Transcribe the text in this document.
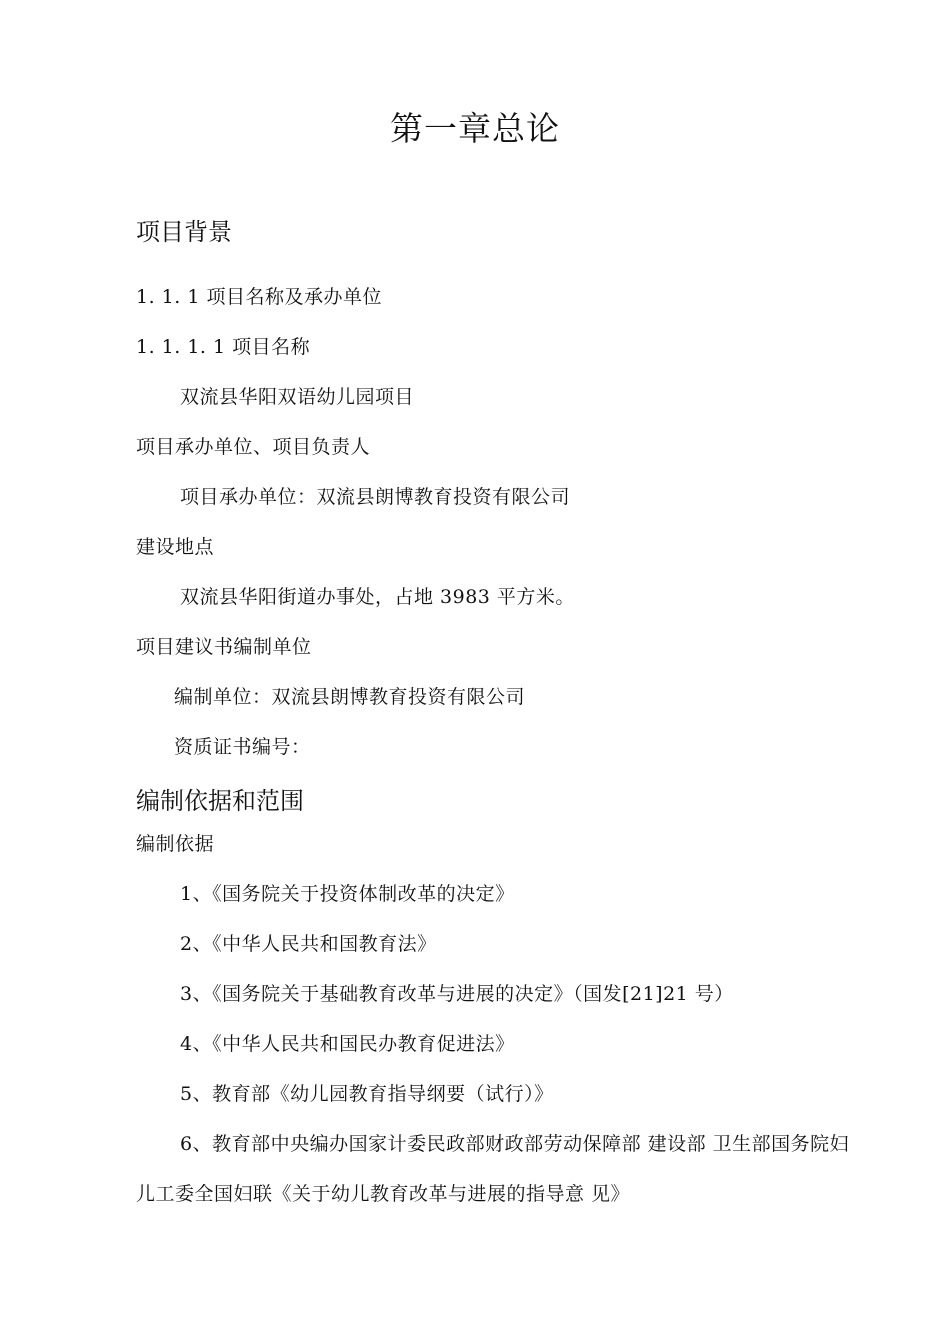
第一章总论
项目背景
1. 1. 1 项目名称及承办单位
1. 1. 1. 1 项目名称
双流县华阳双语幼儿园项目
项目承办单位、项目负责人
项目承办单位：双流县朗博教育投资有限公司
建设地点
双流县华阳街道办事处，占地 3983 平方米。
项目建议书编制单位
编制单位：双流县朗博教育投资有限公司
资质证书编号：
编制依据和范围
编制依据
1、《国务院关于投资体制改革的决定》
2、《中华人民共和国教育法》
3、《国务院关于基础教育改革与进展的决定》（国发[21]21 号）
4、《中华人民共和国民办教育促进法》
5、教育部《幼儿园教育指导纲要（试行）》
6、教育部中央编办国家计委民政部财政部劳动保障部 建设部 卫生部国务院妇
儿工委全国妇联《关于幼儿教育改革与进展的指导意 见》
